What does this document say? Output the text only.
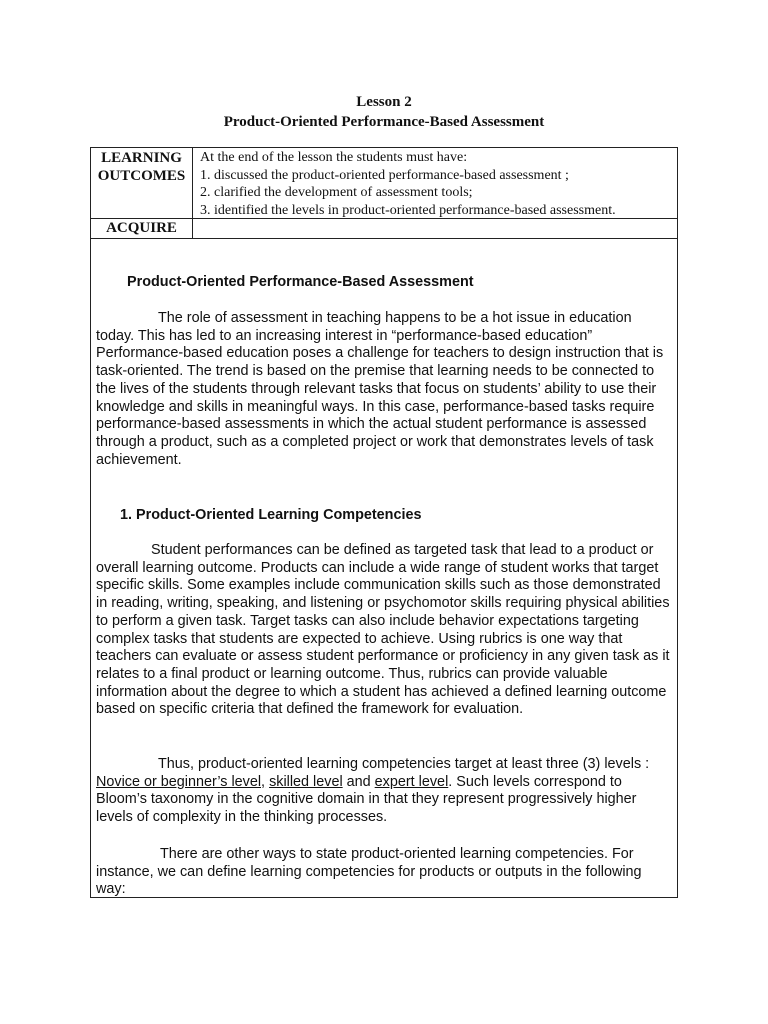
Lesson 2
Product-Oriented Performance-Based Assessment
LEARNING
OUTCOMES
At the end of the lesson the students must have:
1. discussed the product-oriented performance-based assessment ;
2. clarified the development of assessment tools;
3. identified the levels in product-oriented performance-based assessment.
ACQUIRE
Product-Oriented Performance-Based Assessment

The role of assessment in teaching happens to be a hot issue in education today. This has led to an increasing interest in “performance-based education” Performance-based education poses a challenge for teachers to design instruction that is task-oriented. The trend is based on the premise that learning needs to be connected to the lives of the students through relevant tasks that focus on students’ ability to use their knowledge and skills in meaningful ways. In this case, performance-based tasks require performance-based assessments in which the actual student performance is assessed through a product, such as a completed project or work that demonstrates levels of task achievement.

1. Product-Oriented Learning Competencies

Student performances can be defined as targeted task that lead to a product or overall learning outcome. Products can include a wide range of student works that target specific skills. Some examples include communication skills such as those demonstrated in reading, writing, speaking, and listening or psychomotor skills requiring physical abilities to perform a given task. Target tasks can also include behavior expectations targeting complex tasks that students are expected to achieve. Using rubrics is one way that teachers can evaluate or assess student performance or proficiency in any given task as it relates to a final product or learning outcome. Thus, rubrics can provide valuable information about the degree to which a student has achieved a defined learning outcome based on specific criteria that defined the framework for evaluation.

Thus, product-oriented learning competencies target at least three (3) levels : Novice or beginner’s level, skilled level and expert level. Such levels correspond to Bloom’s taxonomy in the cognitive domain in that they represent progressively higher levels of complexity in the thinking processes.

There are other ways to state product-oriented learning competencies. For instance, we can define learning competencies for products or outputs in the following way:
